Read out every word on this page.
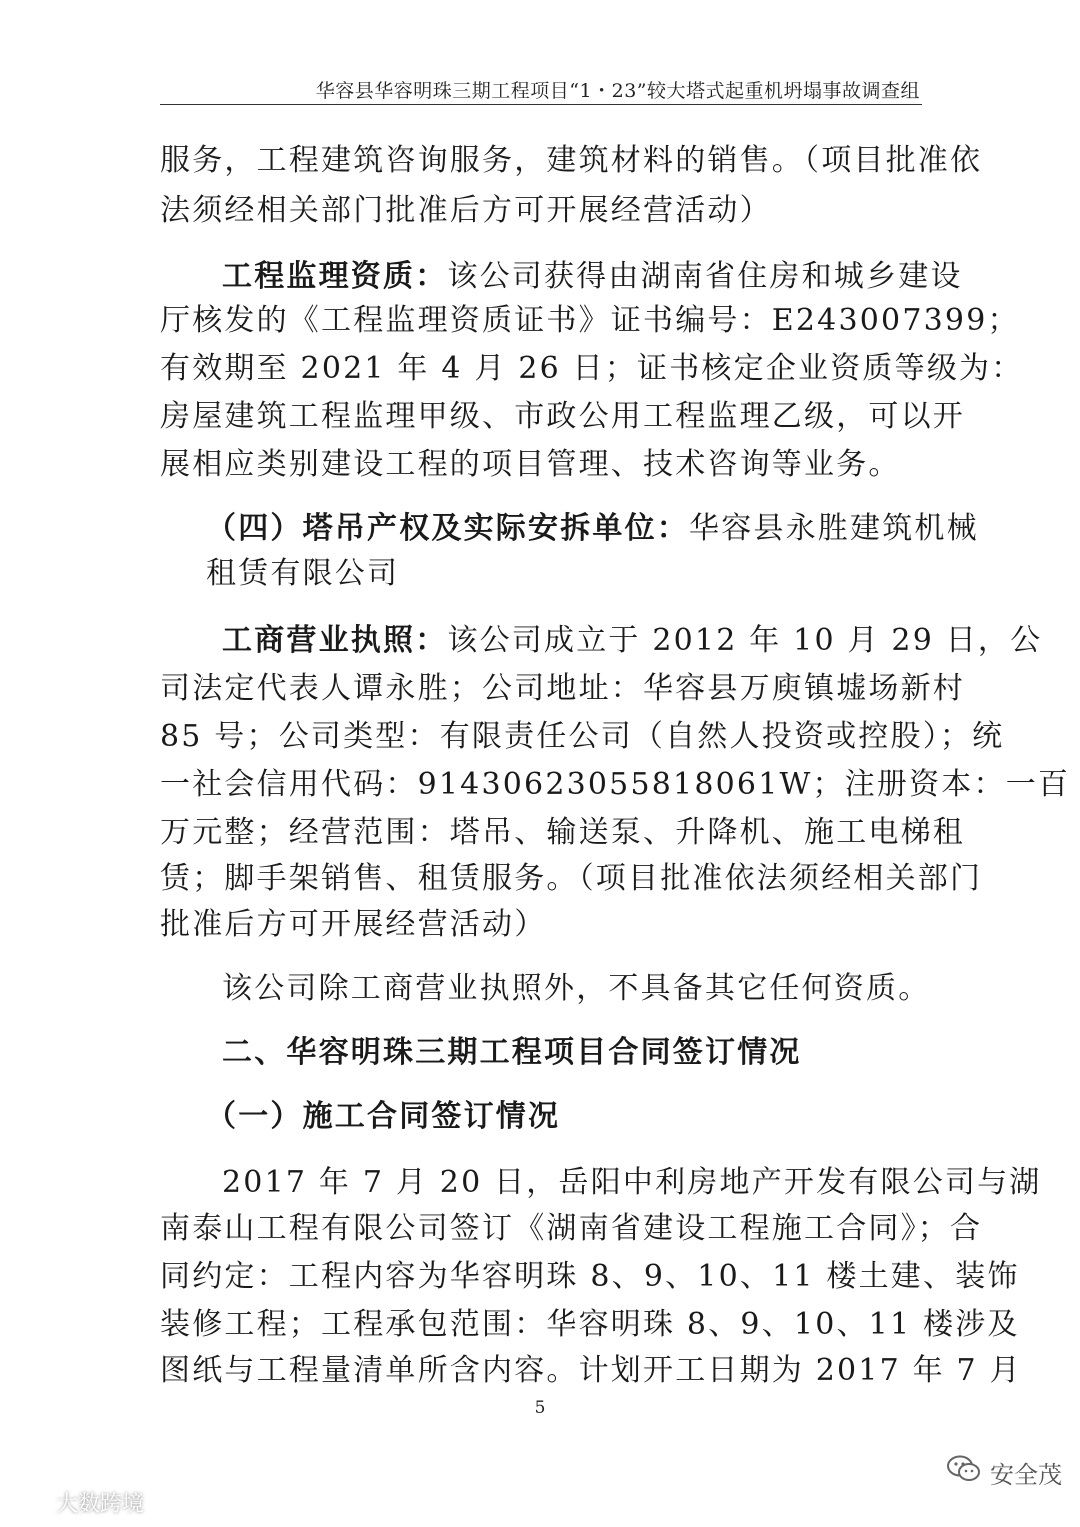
华容县华容明珠三期工程项目“1・23”较大塔式起重机坍塌事故调查组
服务，工程建筑咨询服务，建筑材料的销售。（项目批准依
法须经相关部门批准后方可开展经营活动）
工程监理资质：该公司获得由湖南省住房和城乡建设
厅核发的《工程监理资质证书》证书编号：E243007399；
有效期至 2021 年 4 月 26 日；证书核定企业资质等级为：
房屋建筑工程监理甲级、市政公用工程监理乙级，可以开
展相应类别建设工程的项目管理、技术咨询等业务。
（四）塔吊产权及实际安拆单位：华容县永胜建筑机械
租赁有限公司
工商营业执照：该公司成立于 2012 年 10 月 29 日，公
司法定代表人谭永胜；公司地址：华容县万庾镇墟场新村
85 号；公司类型：有限责任公司（自然人投资或控股）；统
一社会信用代码：91430623055818061W；注册资本：一百
万元整；经营范围：塔吊、输送泵、升降机、施工电梯租
赁；脚手架销售、租赁服务。（项目批准依法须经相关部门
批准后方可开展经营活动）
该公司除工商营业执照外，不具备其它任何资质。
二、华容明珠三期工程项目合同签订情况
（一）施工合同签订情况
2017 年 7 月 20 日，岳阳中利房地产开发有限公司与湖
南泰山工程有限公司签订《湖南省建设工程施工合同》；合
同约定：工程内容为华容明珠 8、9、10、11 楼土建、装饰
装修工程；工程承包范围：华容明珠 8、9、10、11 楼涉及
图纸与工程量清单所含内容。计划开工日期为 2017 年 7 月
5
大数跨境
安全茂
